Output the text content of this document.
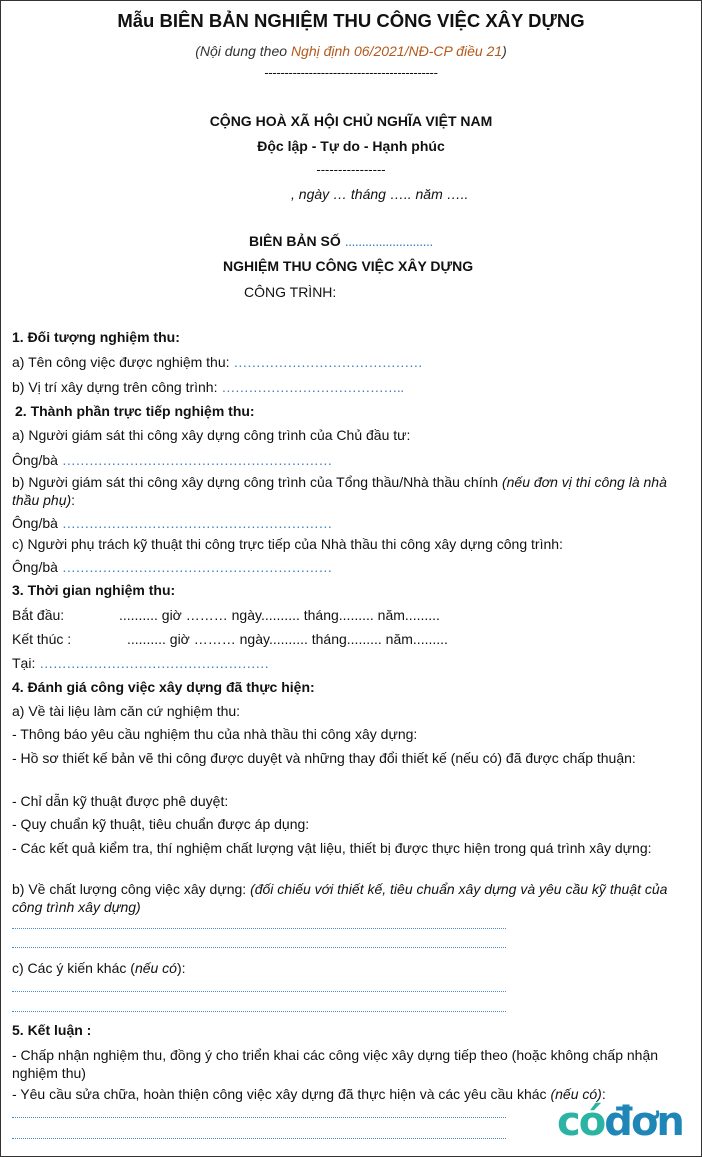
Mẫu BIÊN BẢN NGHIỆM THU CÔNG VIỆC XÂY DỰNG
(Nội dung theo Nghị định 06/2021/NĐ-CP điều 21)
-------------------------------------------
CỘNG HOÀ XÃ HỘI CHỦ NGHĨA VIỆT NAM
Độc lập - Tự do - Hạnh phúc
----------------
, ngày … tháng ….. năm …..
BIÊN BẢN SỐ ..........................
NGHIỆM THU CÔNG VIỆC XÂY DỰNG
CÔNG TRÌNH:
1. Đối tượng nghiệm thu:
a) Tên công việc được nghiệm thu: ……………………………………
b) Vị trí xây dựng trên công trình: …………………………………..
2. Thành phần trực tiếp nghiệm thu:
a) Người giám sát thi công xây dựng công trình của Chủ đầu tư:
Ông/bà ……………………………………………………
b) Người giám sát thi công xây dựng công trình của Tổng thầu/Nhà thầu chính (nếu đơn vị thi công là nhà thầu phụ):
Ông/bà ……………………………………………………
c) Người phụ trách kỹ thuật thi công trực tiếp của Nhà thầu thi công xây dựng công trình:
Ông/bà ……………………………………………………
3. Thời gian nghiệm thu:
Bắt đầu:	.......... giờ ……… ngày.......... tháng......... năm.........
Kết thúc :	.......... giờ ……… ngày.......... tháng......... năm.........
Tại: ……………………………………………
4. Đánh giá công việc xây dựng đã thực hiện:
a) Về tài liệu làm căn cứ nghiệm thu:
- Thông báo yêu cầu nghiệm thu của nhà thầu thi công xây dựng:
- Hồ sơ thiết kế bản vẽ thi công được duyệt và những thay đổi thiết kế (nếu có) đã được chấp thuận:
- Chỉ dẫn kỹ thuật được phê duyệt:
- Quy chuẩn kỹ thuật, tiêu chuẩn được áp dụng:
- Các kết quả kiểm tra, thí nghiệm chất lượng vật liệu, thiết bị được thực hiện trong quá trình xây dựng:
b) Về chất lượng công việc xây dựng: (đối chiếu với thiết kế, tiêu chuẩn xây dựng và yêu cầu kỹ thuật của công trình xây dựng)
c) Các ý kiến khác (nếu có):
5. Kết luận :
- Chấp nhận nghiệm thu, đồng ý cho triển khai các công việc xây dựng tiếp theo (hoặc không chấp nhận nghiệm thu)
- Yêu cầu sửa chữa, hoàn thiện công việc xây dựng đã thực hiện và các yêu cầu khác (nếu có):
cóđơn
